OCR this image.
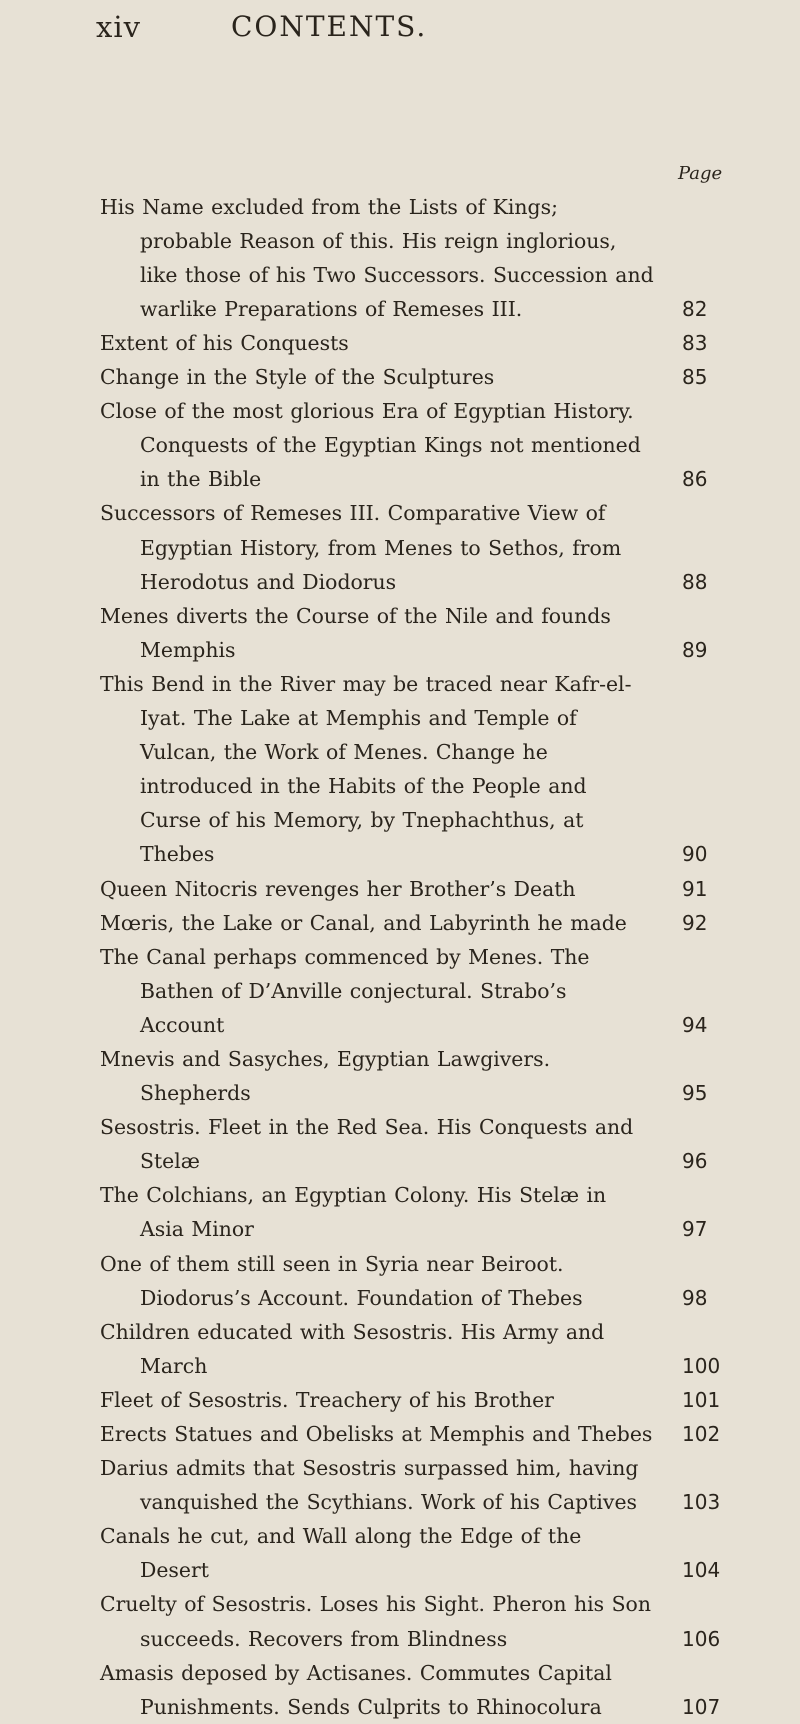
xiv	CONTENTS.
Page
His Name excluded from the Lists of Kings; probable Reason of this. His reign inglorious, like those of his Two Successors. Succession and warlike Preparations of Remeses III.	82
Extent of his Conquests	83
Change in the Style of the Sculptures	85
Close of the most glorious Era of Egyptian History. Conquests of the Egyptian Kings not mentioned in the Bible	86
Successors of Remeses III. Comparative View of Egyptian History, from Menes to Sethos, from Herodotus and Diodorus	88
Menes diverts the Course of the Nile and founds Memphis	89
This Bend in the River may be traced near Kafr-el-Iyat. The Lake at Memphis and Temple of Vulcan, the Work of Menes. Change he introduced in the Habits of the People and Curse of his Memory, by Tnephachthus, at Thebes	90
Queen Nitocris revenges her Brother’s Death	91
Mœris, the Lake or Canal, and Labyrinth he made	92
The Canal perhaps commenced by Menes. The Bathen of D’Anville conjectural. Strabo’s Account	94
Mnevis and Sasyches, Egyptian Lawgivers. Shepherds	95
Sesostris. Fleet in the Red Sea. His Conquests and Stelæ	96
The Colchians, an Egyptian Colony. His Stelæ in Asia Minor	97
One of them still seen in Syria near Beiroot. Diodorus’s Account. Foundation of Thebes	98
Children educated with Sesostris. His Army and March	100
Fleet of Sesostris. Treachery of his Brother	101
Erects Statues and Obelisks at Memphis and Thebes 102
Darius admits that Sesostris surpassed him, having vanquished the Scythians. Work of his Captives 103
Canals he cut, and Wall along the Edge of the Desert	104
Cruelty of Sesostris. Loses his Sight. Pheron his Son succeeds. Recovers from Blindness	106
Amasis deposed by Actisanes. Commutes Capital Punishments. Sends Culprits to Rhinocolura	107
